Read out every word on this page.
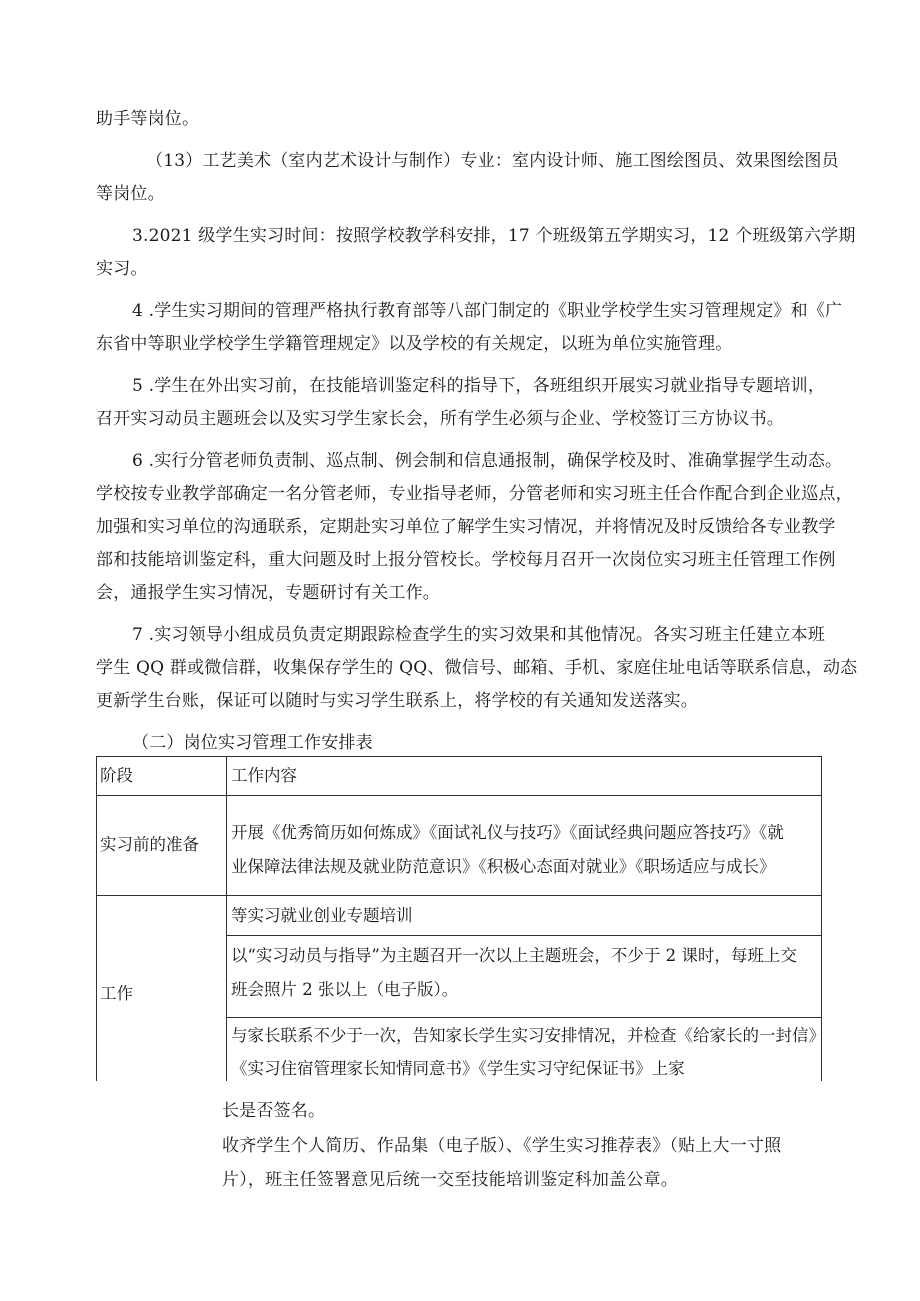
助手等岗位。
（13）工艺美术（室内艺术设计与制作）专业：室内设计师、施工图绘图员、效果图绘图员
等岗位。
3.2021 级学生实习时间：按照学校教学科安排，17 个班级第五学期实习，12 个班级第六学期
实习。
4 .学生实习期间的管理严格执行教育部等八部门制定的《职业学校学生实习管理规定》和《广
东省中等职业学校学生学籍管理规定》以及学校的有关规定，以班为单位实施管理。
5 .学生在外出实习前，在技能培训鉴定科的指导下，各班组织开展实习就业指导专题培训，
召开实习动员主题班会以及实习学生家长会，所有学生必须与企业、学校签订三方协议书。
6 .实行分管老师负责制、巡点制、例会制和信息通报制，确保学校及时、准确掌握学生动态。
学校按专业教学部确定一名分管老师，专业指导老师，分管老师和实习班主任合作配合到企业巡点，
加强和实习单位的沟通联系，定期赴实习单位了解学生实习情况，并将情况及时反馈给各专业教学
部和技能培训鉴定科，重大问题及时上报分管校长。学校每月召开一次岗位实习班主任管理工作例
会，通报学生实习情况，专题研讨有关工作。
7 .实习领导小组成员负责定期跟踪检查学生的实习效果和其他情况。各实习班主任建立本班
学生 QQ 群或微信群，收集保存学生的 QQ、微信号、邮箱、手机、家庭住址电话等联系信息，动态
更新学生台账，保证可以随时与实习学生联系上，将学校的有关通知发送落实。
（二）岗位实习管理工作安排表
阶段	工作内容
实习前的准备
开展《优秀简历如何炼成》《面试礼仪与技巧》《面试经典问题应答技巧》《就
业保障法律法规及就业防范意识》《积极心态面对就业》《职场适应与成长》
工作
等实习就业创业专题培训
以“实习动员与指导”为主题召开一次以上主题班会，不少于 2 课时，每班上交
班会照片 2 张以上（电子版）。
与家长联系不少于一次，告知家长学生实习安排情况，并检查《给家长的一封信》
《实习住宿管理家长知情同意书》《学生实习守纪保证书》上家
长是否签名。
收齐学生个人简历、作品集（电子版）、《学生实习推荐表》（贴上大一寸照
片），班主任签署意见后统一交至技能培训鉴定科加盖公章。
